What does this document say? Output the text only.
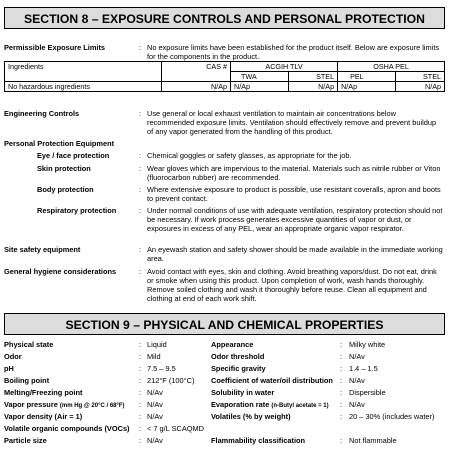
SECTION 8 – EXPOSURE CONTROLS AND PERSONAL PROTECTION
Permissible Exposure Limits	: No exposure limits have been established for the product itself. Below are exposure limits for the components in the product.
Ingredients	CAS #	ACGIH TLV		OSHA PEL	
		TWA	STEL	PEL	STEL
No hazardous ingredients	N/Ap	N/Ap	N/Ap	N/Ap	N/Ap
Engineering Controls	: Use general or local exhaust ventilation to maintain air concentrations below recommended exposure limits. Ventilation should effectively remove and prevent buildup of any vapor generated from the handling of this product.
Personal Protection Equipment
Eye / face protection	: Chemical goggles or safety glasses, as appropriate for the job.
Skin protection	: Wear gloves which are impervious to the material. Materials such as nitrile rubber or Viton (fluorocarbon rubber) are recommended.
Body protection	: Where extensive exposure to product is possible, use resistant coveralls, apron and boots to prevent contact.
Respiratory protection	: Under normal conditions of use with adequate ventilation, respiratory protection should not be necessary. If work process generates excessive quantities of vapor or dust, or exposures in excess of any PEL, wear an appropriate organic vapor respirator.
Site safety equipment	: An eyewash station and safety shower should be made available in the immediate working area.
General hygiene considerations	: Avoid contact with eyes, skin and clothing. Avoid breathing vapors/dust. Do not eat, drink or smoke when using this product. Upon completion of work, wash hands thoroughly. Remove soiled clothing and wash it thoroughly before reuse. Clean all equipment and clothing at end of each work shift.
SECTION 9 – PHYSICAL AND CHEMICAL PROPERTIES
Physical state	: Liquid	Appearance	: Milky white
Odor	: Mild	Odor threshold	: N/Av
pH	: 7.5 – 9.5	Specific gravity	: 1.4 – 1.5
Boiling point	: 212°F (100°C) Coefficient of water/oil distribution : N/Av
Melting/Freezing point	: N/Av	Solubility in water	: Dispersible
Vapor pressure (mm Hg @ 20°C / 68°F) : N/Av	Evaporation rate (n-Butyl acetate = 1) : N/Av
Vapor density (Air = 1)	: N/Av	Volatiles (% by weight)	: 20 – 30% (includes water)
Volatile organic compounds (VOCs) : < 7 g/L SCAQMD
Particle size	: N/Av	Flammability classification	: Not flammable
